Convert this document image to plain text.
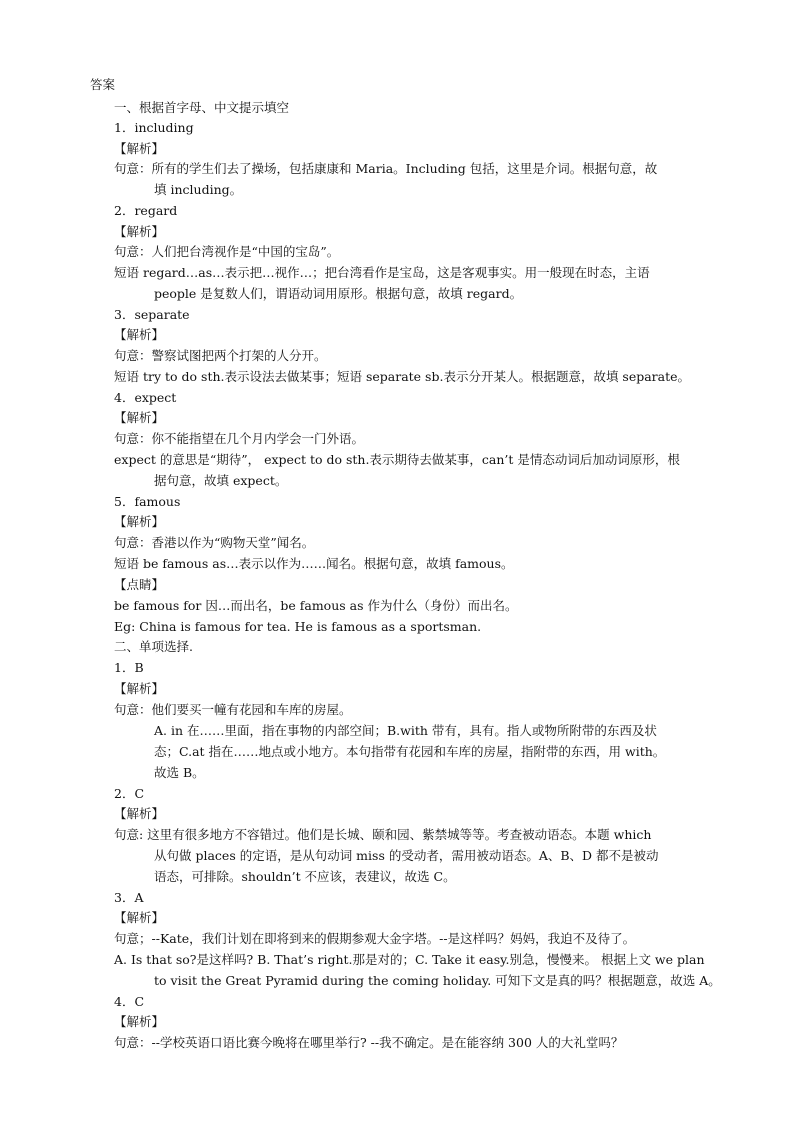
答案
一、根据首字母、中文提示填空
1．including
【解析】
句意：所有的学生们去了操场，包括康康和 Maria。Including 包括，这里是介词。根据句意，故
填 including。
2．regard
【解析】
句意：人们把台湾视作是“中国的宝岛”。
短语 regard…as…表示把…视作…；把台湾看作是宝岛，这是客观事实。用一般现在时态，主语
people 是复数人们，谓语动词用原形。根据句意，故填 regard。
3．separate
【解析】
句意：警察试图把两个打架的人分开。
短语 try to do sth.表示设法去做某事；短语 separate sb.表示分开某人。根据题意，故填 separate。
4．expect
【解析】
句意：你不能指望在几个月内学会一门外语。
expect 的意思是“期待”， expect to do sth.表示期待去做某事，can’t 是情态动词后加动词原形，根
据句意，故填 expect。
5．famous
【解析】
句意：香港以作为“购物天堂”闻名。
短语 be famous as…表示以作为……闻名。根据句意，故填 famous。
【点睛】
be famous for 因…而出名，be famous as 作为什么（身份）而出名。
Eg: China is famous for tea. He is famous as a sportsman.
二、单项选择.
1．B
【解析】
句意：他们要买一幢有花园和车库的房屋。
A. in 在……里面，指在事物的内部空间；B.with 带有，具有。指人或物所附带的东西及状
态；C.at 指在……地点或小地方。本句指带有花园和车库的房屋，指附带的东西，用 with。
故选 B。
2．C
【解析】
句意: 这里有很多地方不容错过。他们是长城、颐和园、紫禁城等等。考查被动语态。本题 which
从句做 places 的定语，是从句动词 miss 的受动者，需用被动语态。A、B、D 都不是被动
语态，可排除。shouldn’t 不应该，表建议，故选 C。
3．A
【解析】
句意；--Kate，我们计划在即将到来的假期参观大金字塔。--是这样吗？妈妈，我迫不及待了。
A. Is that so?是这样吗? B. That’s right.那是对的；C. Take it easy.别急，慢慢来。 根据上文 we plan
to visit the Great Pyramid during the coming holiday. 可知下文是真的吗？根据题意，故选 A。
4．C
【解析】
句意：--学校英语口语比赛今晚将在哪里举行? --我不确定。是在能容纳 300 人的大礼堂吗？
